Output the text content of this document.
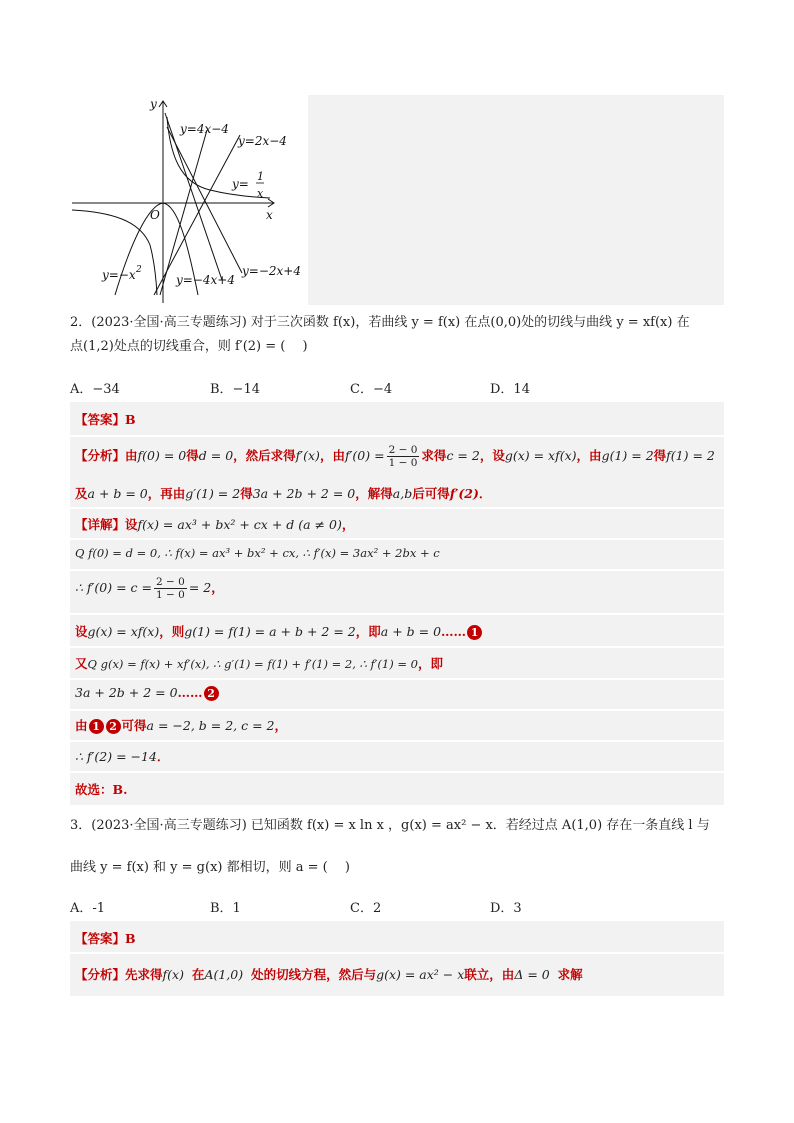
y
x
O
y=4x−4
y=2x−4
y=
1
x
y=−x 2
y=−4x+4
y=−2x+4
2．(2023·全国·高三专题练习) 对于三次函数 f(x)，若曲线 y = f(x) 在点(0,0)处的切线与曲线 y = xf(x) 在
点(1,2)处点的切线重合，则 f′(2) = (　 )
A．−34	B．−14	C．−4	D．14
【答案】B
【分析】由f(0) = 0得d = 0，然后求得f′(x)，由$f'(0) = \frac{2 - 0}{1 - 0}$ 求得c = 2，设g(x) = xf(x)，由g(1) = 2得f(1) = 2
及a + b = 0，再由g′(1) = 2得3a + 2b + 2 = 0，解得a,b后可得f′(2)．
【详解】设f(x) = ax³ + bx² + cx + d (a ≠ 0)，
Q f(0) = d = 0, ∴ f(x) = ax³ + bx² + cx, ∴ f′(x) = 3ax² + 2bx + c
∴ $f'(0) = c = \frac{2 - 0}{1 - 0} = 2$，
设g(x) = xf(x)，则g(1) = f(1) = a + b + 2 = 2，即a + b = 0…… 1
又Q g(x) = f(x) + xf′(x), ∴ g′(1) = f(1) + f′(1) = 2, ∴ f′(1) = 0，即
3a + 2b + 2 = 0…… 2
由 1 2 可得a = −2, b = 2, c = 2，
∴ f′(2) = −14．
故选：B.
3．(2023·全国·高三专题练习) 已知函数 f(x) = x ln x ，g(x) = ax² − x．若经过点 A(1,0) 存在一条直线 l 与
曲线 y = f(x) 和 y = g(x) 都相切，则 a = (　 )
A．-1	B．1	C．2	D．3
【答案】B
【分析】先求得f(x) 在A(1,0) 处的切线方程，然后与g(x) = ax² − x联立，由Δ = 0 求解
